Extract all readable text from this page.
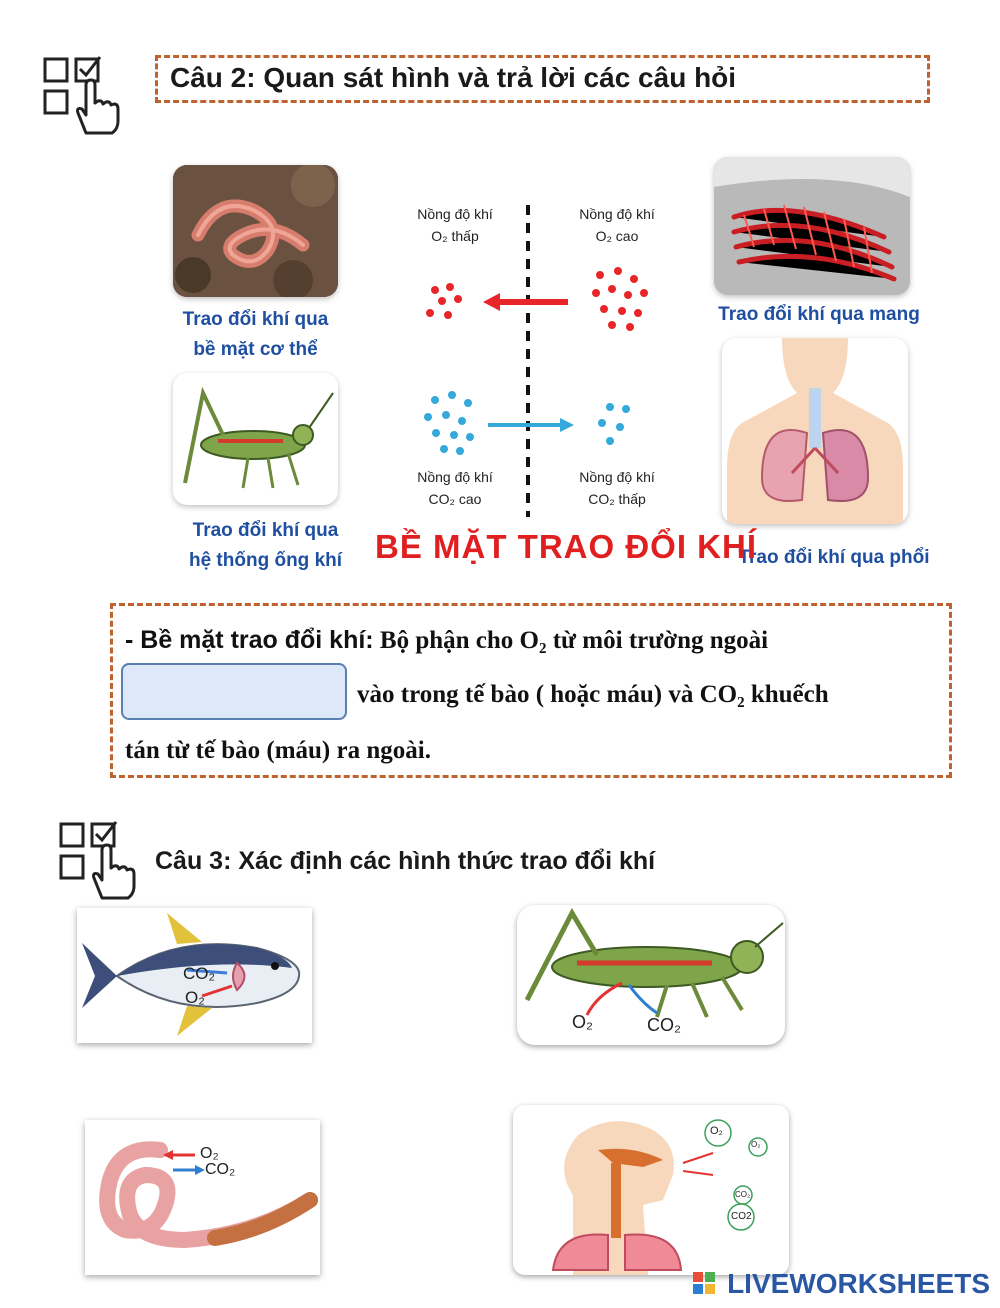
Câu 2: Quan sát hình và trả lời các câu hỏi
Trao đổi khí qua
bề mặt cơ thể
Trao đổi khí qua
hệ thống ống khí
Trao đổi khí qua mang
Trao đổi khí qua phổi
Nồng độ khí
O₂ thấp
Nồng độ khí
O₂ cao
Nồng độ khí
CO₂ cao
Nồng độ khí
CO₂ thấp
BỀ MẶT TRAO ĐỔI KHÍ
- Bề mặt trao đổi khí: Bộ phận cho O₂ từ môi trường ngoài
vào trong tế bào ( hoặc máu) và CO₂ khuếch
tán từ tế bào (máu) ra ngoài.
Câu 3: Xác định các hình thức trao đổi khí
CO₂
O₂
O₂	CO₂
O₂
CO₂
O₂
O₂
CO₂
CO2
LIVEWORKSHEETS
